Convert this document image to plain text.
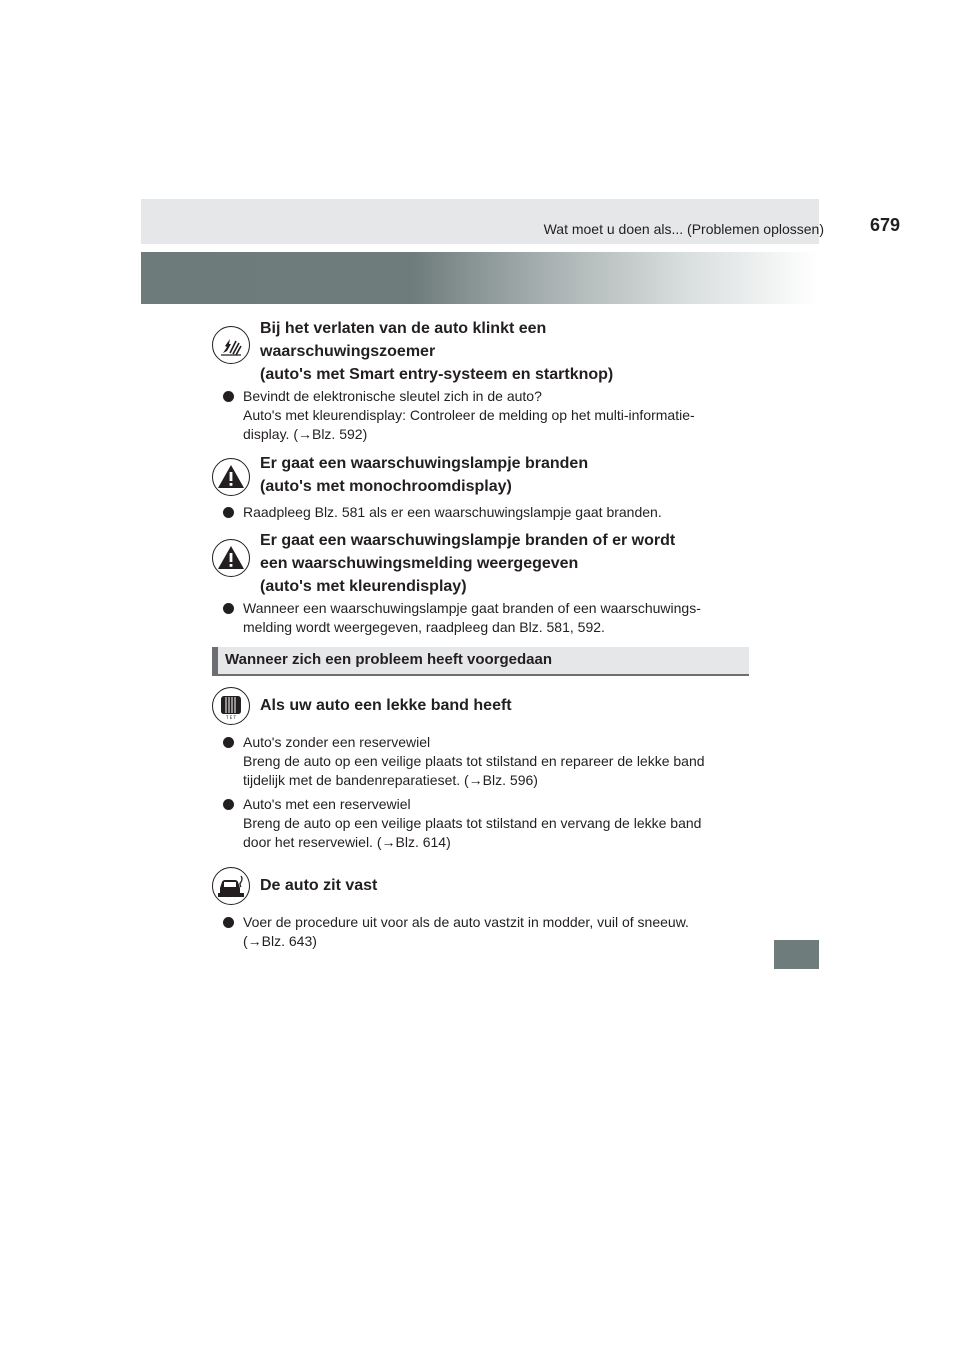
Wat moet u doen als... (Problemen oplossen)	679
Bij het verlaten van de auto klinkt een
waarschuwingszoemer
(auto's met Smart entry-systeem en startknop)
Bevindt de elektronische sleutel zich in de auto?
Auto's met kleurendisplay: Controleer de melding op het multi-informatie-
display. (→Blz. 592)
Er gaat een waarschuwingslampje branden
(auto's met monochroomdisplay)
Raadpleeg Blz. 581 als er een waarschuwingslampje gaat branden.
Er gaat een waarschuwingslampje branden of er wordt
een waarschuwingsmelding weergegeven
(auto's met kleurendisplay)
Wanneer een waarschuwingslampje gaat branden of een waarschuwings-
melding wordt weergegeven, raadpleeg dan Blz. 581, 592.
Wanneer zich een probleem heeft voorgedaan
T E T
Als uw auto een lekke band heeft
Auto's zonder een reservewiel
Breng de auto op een veilige plaats tot stilstand en repareer de lekke band
tijdelijk met de bandenreparatieset. (→Blz. 596)
Auto's met een reservewiel
Breng de auto op een veilige plaats tot stilstand en vervang de lekke band
door het reservewiel. (→Blz. 614)
De auto zit vast
Voer de procedure uit voor als de auto vastzit in modder, vuil of sneeuw.
(→Blz. 643)
